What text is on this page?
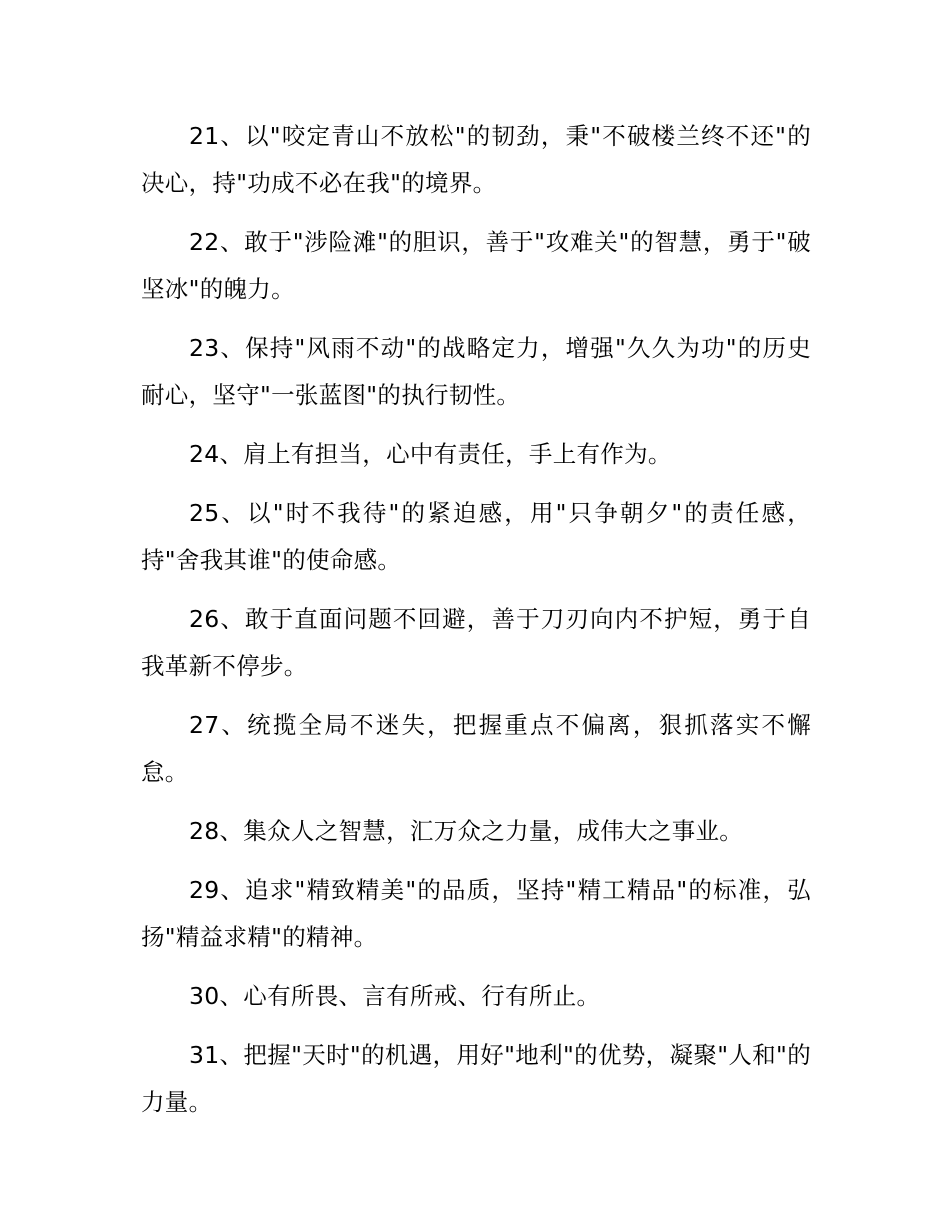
21、以"咬定青山不放松"的韧劲，秉"不破楼兰终不还"的决心，持"功成不必在我"的境界。

22、敢于"涉险滩"的胆识，善于"攻难关"的智慧，勇于"破坚冰"的魄力。

23、保持"风雨不动"的战略定力，增强"久久为功"的历史耐心，坚守"一张蓝图"的执行韧性。

24、肩上有担当，心中有责任，手上有作为。

25、以"时不我待"的紧迫感，用"只争朝夕"的责任感，持"舍我其谁"的使命感。

26、敢于直面问题不回避，善于刀刃向内不护短，勇于自我革新不停步。

27、统揽全局不迷失，把握重点不偏离，狠抓落实不懈怠。

28、集众人之智慧，汇万众之力量，成伟大之事业。

29、追求"精致精美"的品质，坚持"精工精品"的标准，弘扬"精益求精"的精神。

30、心有所畏、言有所戒、行有所止。

31、把握"天时"的机遇，用好"地利"的优势，凝聚"人和"的力量。
